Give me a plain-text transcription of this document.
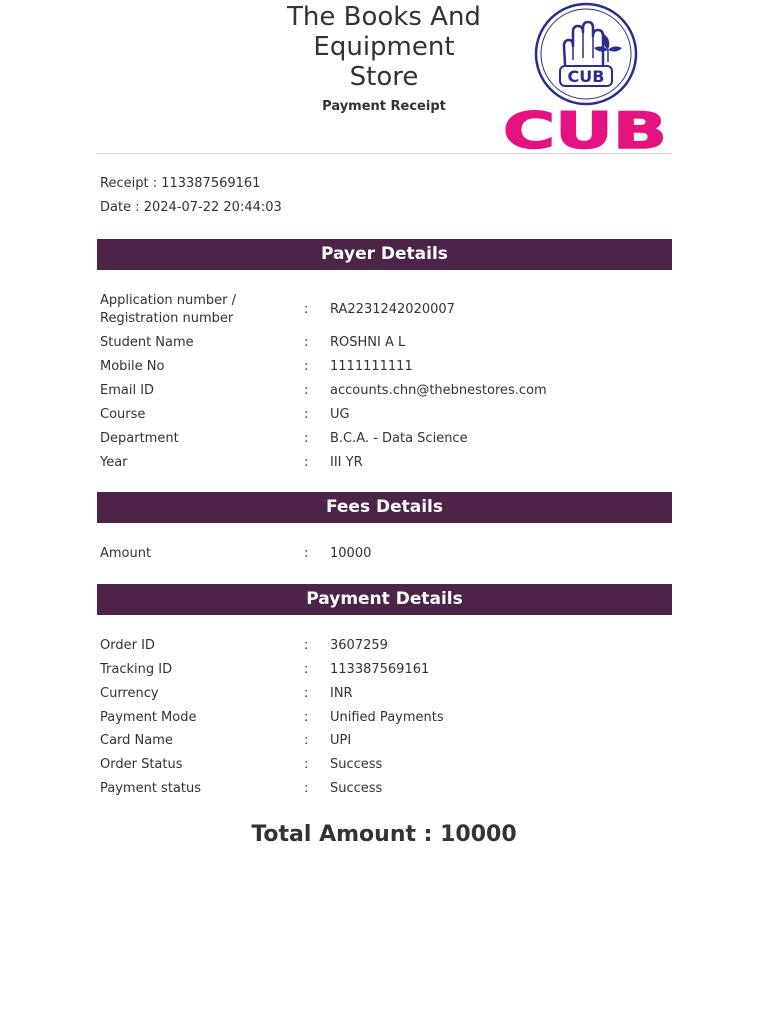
The Books And
Equipment
Store
Payment Receipt
CUB
CUB
Receipt : 113387569161
Date : 2024-07-22 20:44:03
Payer Details
Application number /
Registration number
: RA2231242020007
Student Name	: ROSHNI A L
Mobile No	: 1111111111
Email ID	: accounts.chn@thebnestores.com
Course	: UG
Department	: B.C.A. - Data Science
Year	: III YR
Fees Details
Amount	: 10000
Payment Details
Order ID	: 3607259
Tracking ID	: 113387569161
Currency	: INR
Payment Mode	: Unified Payments
Card Name	: UPI
Order Status	: Success
Payment status	: Success
Total Amount : 10000
